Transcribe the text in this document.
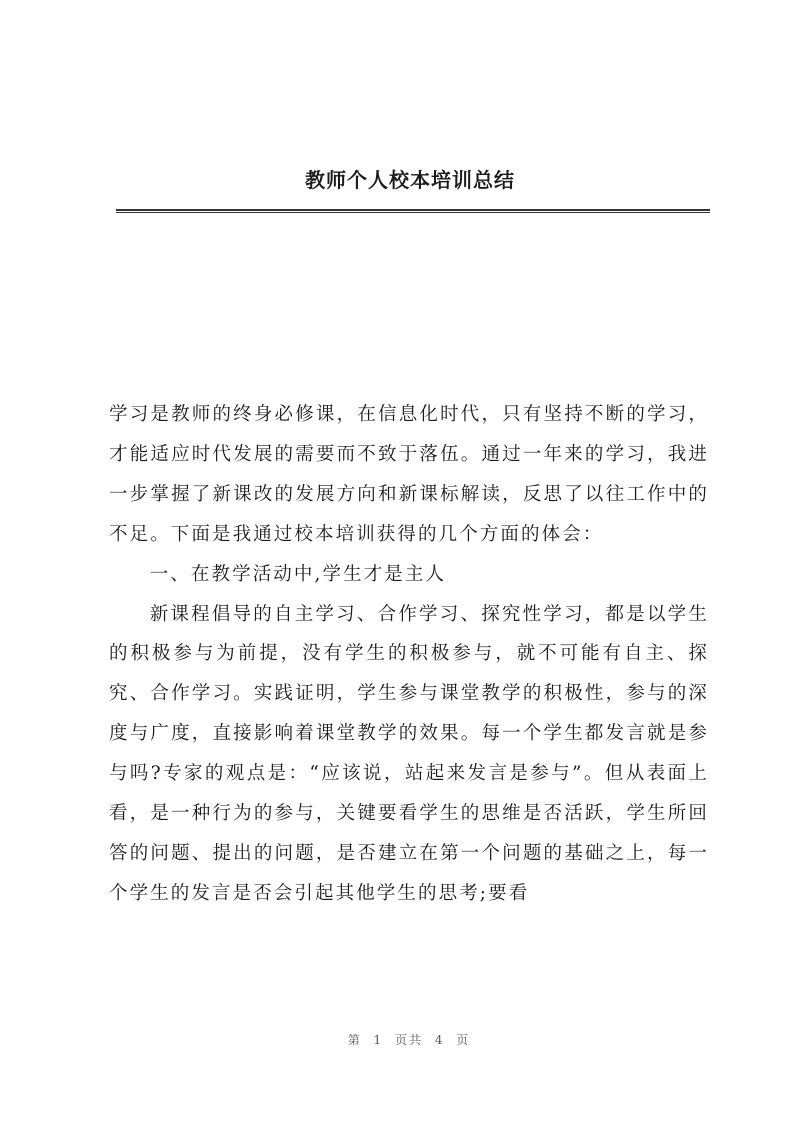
教师个人校本培训总结

学习是教师的终身必修课，在信息化时代，只有坚持不断的学习，才能适应时代发展的需要而不致于落伍。通过一年来的学习，我进一步掌握了新课改的发展方向和新课标解读，反思了以往工作中的不足。下面是我通过校本培训获得的几个方面的体会：

一、在教学活动中,学生才是主人

新课程倡导的自主学习、合作学习、探究性学习，都是以学生的积极参与为前提，没有学生的积极参与，就不可能有自主、探究、合作学习。实践证明，学生参与课堂教学的积极性，参与的深度与广度，直接影响着课堂教学的效果。每一个学生都发言就是参与吗?专家的观点是：“应该说，站起来发言是参与”。但从表面上看，是一种行为的参与，关键要看学生的思维是否活跃，学生所回答的问题、提出的问题，是否建立在第一个问题的基础之上，每一个学生的发言是否会引起其他学生的思考;要看

第 1 页共 4 页
